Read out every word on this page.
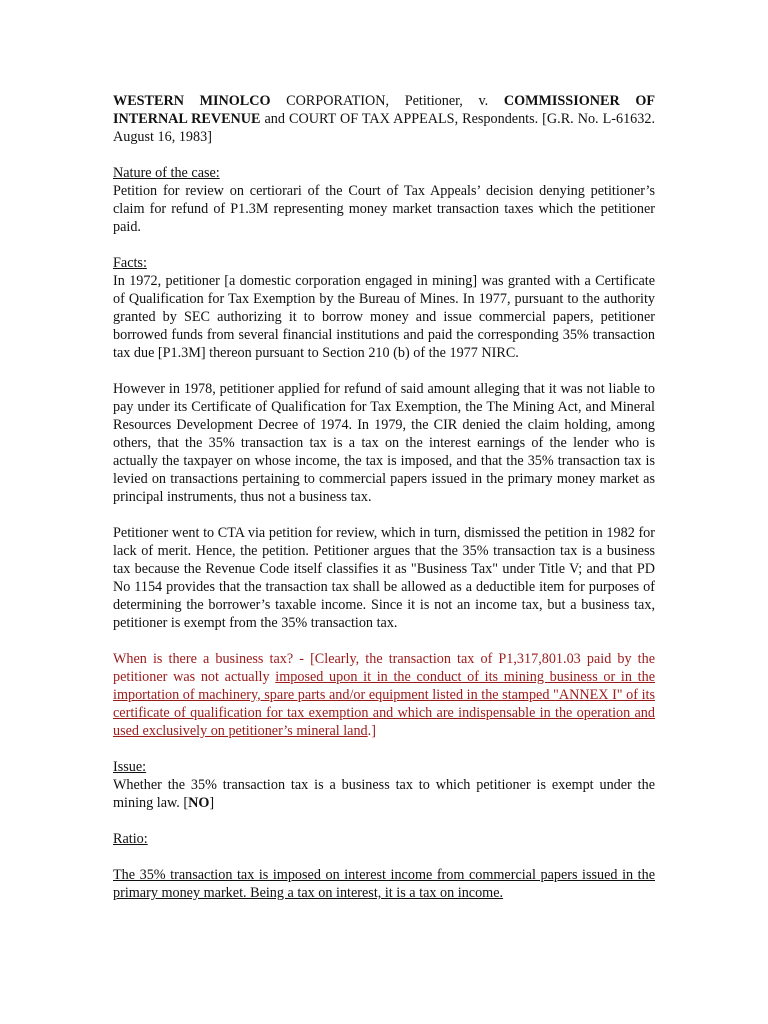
WESTERN MINOLCO CORPORATION, Petitioner, v. COMMISSIONER OF INTERNAL REVENUE and COURT OF TAX APPEALS, Respondents. [G.R. No. L-61632. August 16, 1983]

Nature of the case:

Petition for review on certiorari of the Court of Tax Appeals’ decision denying petitioner’s claim for refund of P1.3M representing money market transaction taxes which the petitioner paid.

Facts:

In 1972, petitioner [a domestic corporation engaged in mining] was granted with a Certificate of Qualification for Tax Exemption by the Bureau of Mines. In 1977, pursuant to the authority granted by SEC authorizing it to borrow money and issue commercial papers, petitioner borrowed funds from several financial institutions and paid the corresponding 35% transaction tax due [P1.3M] thereon pursuant to Section 210 (b) of the 1977 NIRC.

However in 1978, petitioner applied for refund of said amount alleging that it was not liable to pay under its Certificate of Qualification for Tax Exemption, the The Mining Act, and Mineral Resources Development Decree of 1974. In 1979, the CIR denied the claim holding, among others, that the 35% transaction tax is a tax on the interest earnings of the lender who is actually the taxpayer on whose income, the tax is imposed, and that the 35% transaction tax is levied on transactions pertaining to commercial papers issued in the primary money market as principal instruments, thus not a business tax.

Petitioner went to CTA via petition for review, which in turn, dismissed the petition in 1982 for lack of merit. Hence, the petition. Petitioner argues that the 35% transaction tax is a business tax because the Revenue Code itself classifies it as "Business Tax" under Title V; and that PD No 1154 provides that the transaction tax shall be allowed as a deductible item for purposes of determining the borrower’s taxable income. Since it is not an income tax, but a business tax, petitioner is exempt from the 35% transaction tax.

When is there a business tax? - [Clearly, the transaction tax of P1,317,801.03 paid by the petitioner was not actually imposed upon it in the conduct of its mining business or in the importation of machinery, spare parts and/or equipment listed in the stamped "ANNEX I" of its certificate of qualification for tax exemption and which are indispensable in the operation and used exclusively on petitioner’s mineral land.]

Issue:

Whether the 35% transaction tax is a business tax to which petitioner is exempt under the mining law. [NO]

Ratio:

The 35% transaction tax is imposed on interest income from commercial papers issued in the primary money market. Being a tax on interest, it is a tax on income.
